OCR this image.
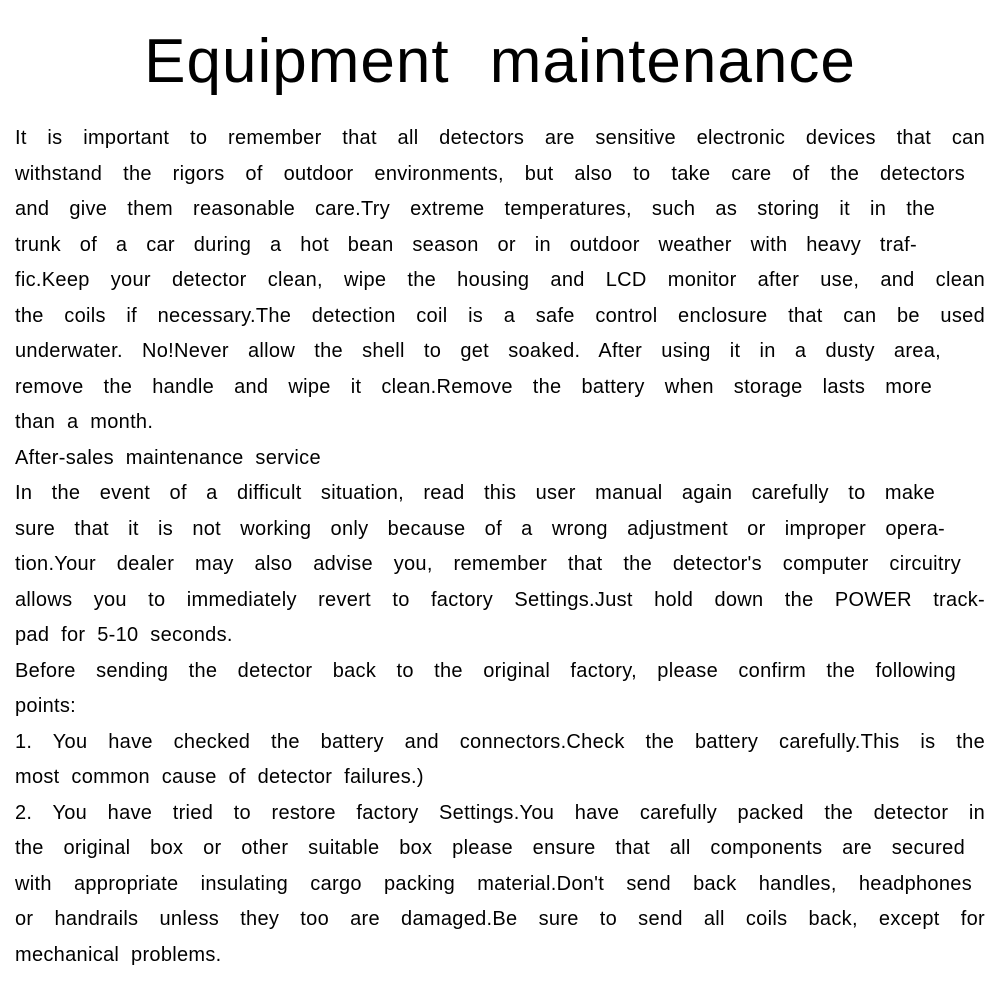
Equipment maintenance
It is important to remember that all detectors are sensitive electronic devices that can
withstand the rigors of outdoor environments, but also to take care of the detectors
and give them reasonable care.Try extreme temperatures, such as storing it in the
trunk of a car during a hot bean season or in outdoor weather with heavy traf-
fic.Keep your detector clean, wipe the housing and LCD monitor after use, and clean
the coils if necessary.The detection coil is a safe control enclosure that can be used
underwater. No!Never allow the shell to get soaked. After using it in a dusty area,
remove the handle and wipe it clean.Remove the battery when storage lasts more
than a month.
After-sales maintenance service
In the event of a difficult situation, read this user manual again carefully to make
sure that it is not working only because of a wrong adjustment or improper opera-
tion.Your dealer may also advise you, remember that the detector's computer circuitry
allows you to immediately revert to factory Settings.Just hold down the POWER track-
pad for 5-10 seconds.
Before sending the detector back to the original factory, please confirm the following
points:
1. You have checked the battery and connectors.Check the battery carefully.This is the
most common cause of detector failures.)
2. You have tried to restore factory Settings.You have carefully packed the detector in
the original box or other suitable box please ensure that all components are secured
with appropriate insulating cargo packing material.Don't send back handles, headphones
or handrails unless they too are damaged.Be sure to send all coils back, except for
mechanical problems.
